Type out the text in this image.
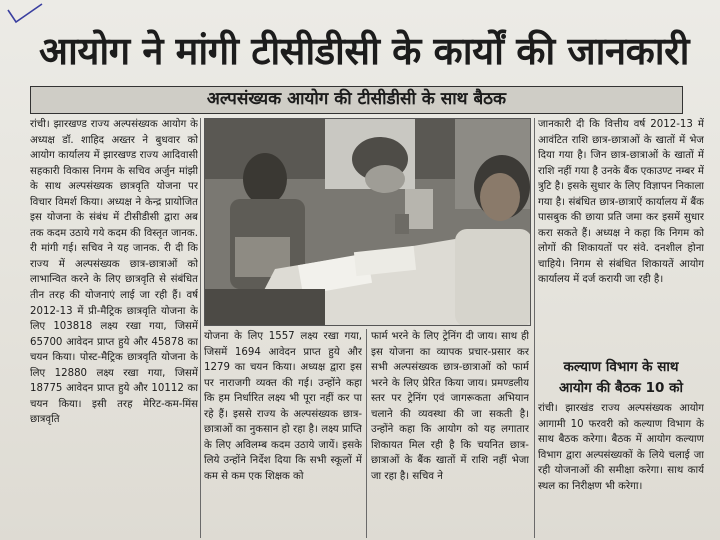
आयोग ने मांगी टीसीडीसी के कार्यों की जानकारी
अल्पसंख्यक आयोग की टीसीडीसी के साथ बैठक

रांची। झारखण्ड राज्य अल्पसंख्यक आयोग के अध्यक्ष डॉ. शाहिद अख्तर ने बुधवार को आयोग कार्यालय में झारखण्ड राज्य आदिवासी सहकारी विकास निगम के सचिव अर्जुन मांझी के साथ अल्पसंख्यक छात्रवृति योजना पर विचार विमर्श किया। अध्यक्ष ने केन्द्र प्रायोजित इस योजना के संबंध में टीसीडीसी द्वारा अब तक कदम उठाये गये कदम की विस्तृत जानक. री मांगी गई। सचिव ने यह जानक. री दी कि राज्य में अल्पसंख्यक छात्र-छात्राओं को लाभान्वित करने के लिए छात्रवृति से संबंधित तीन तरह की योजनाएं लाई जा रही हैं। वर्ष 2012-13 में प्री-मैट्रिक छात्रवृति योजना के लिए 103818 लक्ष्य रखा गया, जिसमें 65700 आवेदन प्राप्त हुये और 45878 का चयन किया। पोस्ट-मैट्रिक छात्रवृति योजना के लिए 12880 लक्ष्य रखा गया, जिसमें 18775 आवेदन प्राप्त हुये और 10112 का चयन किया। इसी तरह मेरिट-कम-मिंस छात्रवृति

योजना के लिए 1557 लक्ष्य रखा गया, जिसमें 1694 आवेदन प्राप्त हुये और 1279 का चयन किया। अध्यक्ष द्वारा इस पर नाराजगी व्यक्त की गई। उन्होंने कहा कि हम निर्धारित लक्ष्य भी पूरा नहीं कर पा रहे हैं। इससे राज्य के अल्पसंख्यक छात्र-छात्राओं का नुकसान हो रहा है। लक्ष्य प्राप्ति के लिए अविलम्ब कदम उठाये जायें। इसके लिये उन्होंने निर्देश दिया कि सभी स्कूलों में कम से कम एक शिक्षक को

फार्म भरने के लिए ट्रेनिंग दी जाय। साथ ही इस योजना का व्यापक प्रचार-प्रसार कर सभी अल्पसंख्यक छात्र-छात्राओं को फार्म भरने के लिए प्रेरित किया जाय। प्रमण्डलीय स्तर पर ट्रेनिंग एवं जागरूकता अभियान चलाने की व्यवस्था की जा सकती है। उन्होंने कहा कि आयोग को यह लगातार शिकायत मिल रही है कि चयनित छात्र-छात्राओं के बैंक खातों में राशि नहीं भेजा जा रहा है। सचिव ने

जानकारी दी कि वित्तीय वर्ष 2012-13 में आवंटित राशि छात्र-छात्राओं के खातों में भेज दिया गया है। जिन छात्र-छात्राओं के खातों में राशि नहीं गया है उनके बैंक एकाउण्ट नम्बर में त्रुटि है। इसके सुधार के लिए विज्ञापन निकाला गया है। संबंधित छात्र-छात्राऐं कार्यालय में बैंक पासबुक की छाया प्रति जमा कर इसमें सुधार करा सकते हैं। अध्यक्ष ने कहा कि निगम को लोगों की शिकायतों पर संवे. दनशील होना चाहिये। निगम से संबंधित शिकायतें आयोग कार्यालय में दर्ज करायी जा रही है।

कल्याण विभाग के साथ
आयोग की बैठक 10 को

रांची। झारखंड राज्य अल्पसंख्यक आयोग आगामी 10 फरवरी को कल्याण विभाग के साथ बैठक करेगा। बैठक में आयोग कल्याण विभाग द्वारा अल्पसंख्यकों के लिये चलाई जा रही योजनाओं की समीक्षा करेगा। साथ कार्य स्थल का निरीक्षण भी करेगा।
